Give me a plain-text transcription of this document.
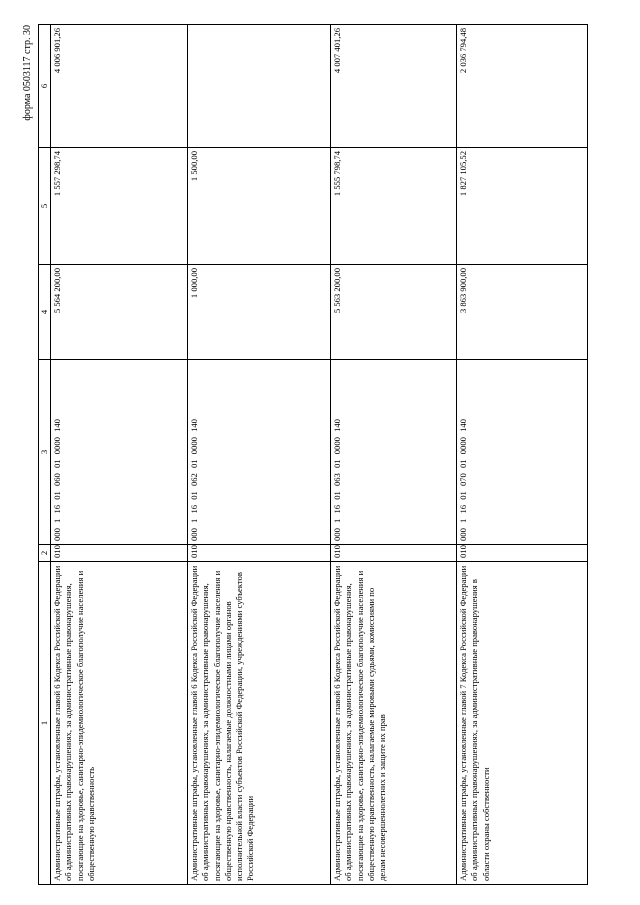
форма 0503117 стр. 30
1	2	3	4	5	6
Административные штрафы, установленные главой 6 Кодекса Российской Федерации об административных правонарушениях, за административные правонарушения, посягающие на здоровье, санитарно-эпидемиологическое благополучие населения и общественную нравственность	010	000 1 16 01 060 01 0000 140	5 564 200,00	1 557 298,74	4 006 901,26
Административные штрафы, установленные главой 6 Кодекса Российской Федерации об административных правонарушениях, за административные правонарушения, посягающие на здоровье, санитарно-эпидемиологическое благополучие населения и общественную нравственность, налагаемые должностными лицами органов исполнительной власти субъектов Российской Федерации, учреждениями субъектов Российской Федерации	010	000 1 16 01 062 01 0000 140	1 000,00	1 500,00	
Административные штрафы, установленные главой 6 Кодекса Российской Федерации об административных правонарушениях, за административные правонарушения, посягающие на здоровье, санитарно-эпидемиологическое благополучие населения и общественную нравственность, налагаемые мировыми судьями, комиссиями по делам несовершеннолетних и защите их прав	010	000 1 16 01 063 01 0000 140	5 563 200,00	1 555 798,74	4 007 401,26
Административные штрафы, установленные главой 7 Кодекса Российской Федерации об административных правонарушениях, за административные правонарушения в области охраны собственности	010	000 1 16 01 070 01 0000 140	3 863 900,00	1 827 105,52	2 036 794,48
